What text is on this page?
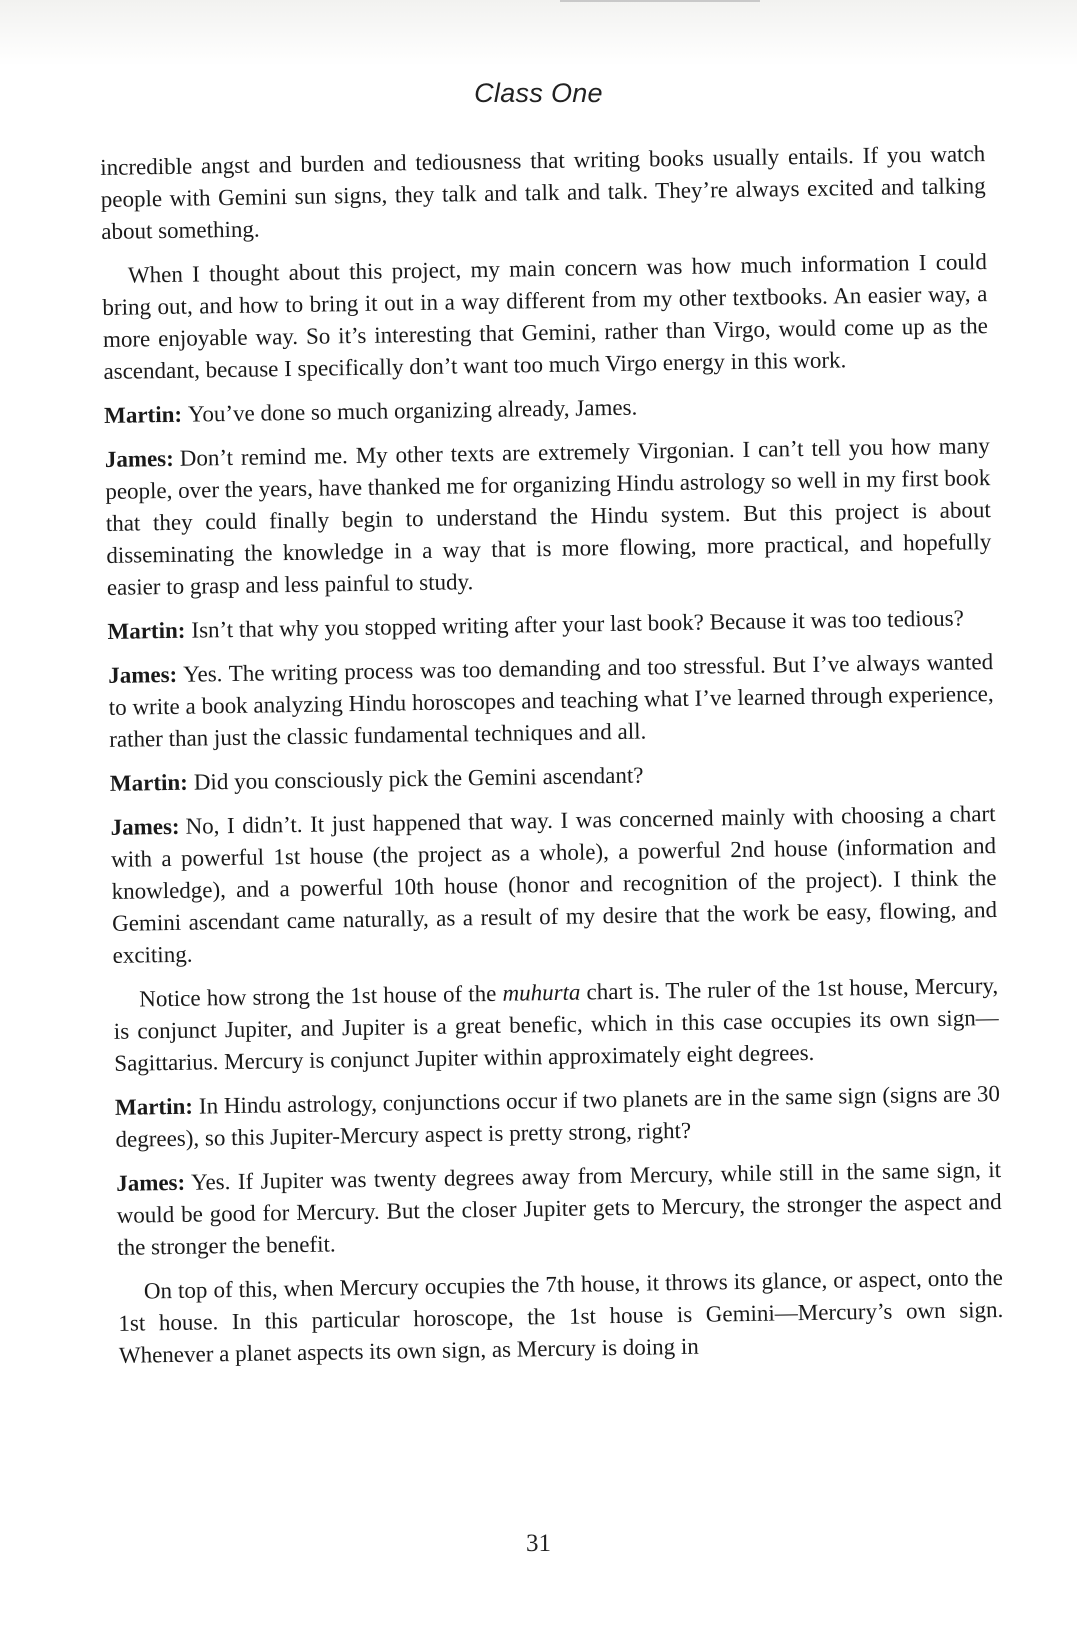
Class One

incredible angst and burden and tediousness that writing books usually entails. If you watch people with Gemini sun signs, they talk and talk and talk. They’re always excited and talking about something.

When I thought about this project, my main concern was how much information I could bring out, and how to bring it out in a way different from my other textbooks. An easier way, a more enjoyable way. So it’s interesting that Gemini, rather than Virgo, would come up as the ascendant, because I specifically don’t want too much Virgo energy in this work.

Martin: You’ve done so much organizing already, James.

James: Don’t remind me. My other texts are extremely Virgonian. I can’t tell you how many people, over the years, have thanked me for organizing Hindu astrology so well in my first book that they could finally begin to understand the Hindu system. But this project is about disseminating the knowledge in a way that is more flowing, more practical, and hopefully easier to grasp and less painful to study.

Martin: Isn’t that why you stopped writing after your last book? Because it was too tedious?

James: Yes. The writing process was too demanding and too stressful. But I’ve always wanted to write a book analyzing Hindu horoscopes and teaching what I’ve learned through experience, rather than just the classic fundamental techniques and all.

Martin: Did you consciously pick the Gemini ascendant?

James: No, I didn’t. It just happened that way. I was concerned mainly with choosing a chart with a powerful 1st house (the project as a whole), a powerful 2nd house (information and knowledge), and a powerful 10th house (honor and recognition of the project). I think the Gemini ascendant came naturally, as a result of my desire that the work be easy, flowing, and exciting.

Notice how strong the 1st house of the muhurta chart is. The ruler of the 1st house, Mercury, is conjunct Jupiter, and Jupiter is a great benefic, which in this case occupies its own sign—Sagittarius. Mercury is conjunct Jupiter within approximately eight degrees.

Martin: In Hindu astrology, conjunctions occur if two planets are in the same sign (signs are 30 degrees), so this Jupiter-Mercury aspect is pretty strong, right?

James: Yes. If Jupiter was twenty degrees away from Mercury, while still in the same sign, it would be good for Mercury. But the closer Jupiter gets to Mercury, the stronger the aspect and the stronger the benefit.

On top of this, when Mercury occupies the 7th house, it throws its glance, or aspect, onto the 1st house. In this particular horoscope, the 1st house is Gemini—Mercury’s own sign. Whenever a planet aspects its own sign, as Mercury is doing in

31
